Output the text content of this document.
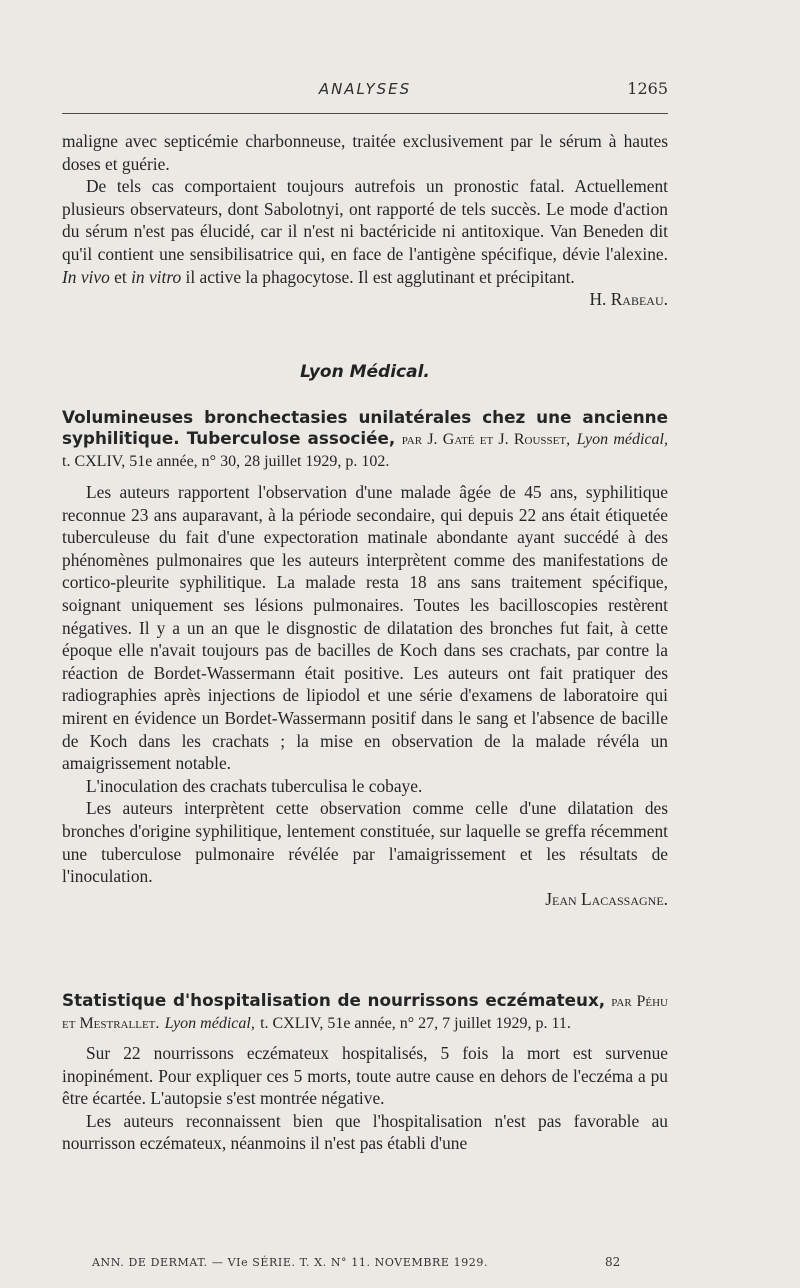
ANALYSES	1265

maligne avec septicémie charbonneuse, traitée exclusivement par le sérum à hautes doses et guérie.

De tels cas comportaient toujours autrefois un pronostic fatal. Actuellement plusieurs observateurs, dont Sabolotnyi, ont rapporté de tels succès. Le mode d'action du sérum n'est pas élucidé, car il n'est ni bactéricide ni antitoxique. Van Beneden dit qu'il contient une sensibilisatrice qui, en face de l'antigène spécifique, dévie l'alexine. In vivo et in vitro il active la phagocytose. Il est agglutinant et précipitant.
H. Rabeau.

Lyon Médical.
Volumineuses bronchectasies unilatérales chez une ancienne syphilitique. Tuberculose associée, par J. Gaté et J. Rousset, Lyon médical, t. CXLIV, 51e année, n° 30, 28 juillet 1929, p. 102.

Les auteurs rapportent l'observation d'une malade âgée de 45 ans, syphilitique reconnue 23 ans auparavant, à la période secondaire, qui depuis 22 ans était étiquetée tuberculeuse du fait d'une expectoration matinale abondante ayant succédé à des phénomènes pulmonaires que les auteurs interprètent comme des manifestations de cortico-pleurite syphilitique. La malade resta 18 ans sans traitement spécifique, soignant uniquement ses lésions pulmonaires. Toutes les bacilloscopies restèrent négatives. Il y a un an que le disgnostic de dilatation des bronches fut fait, à cette époque elle n'avait toujours pas de bacilles de Koch dans ses crachats, par contre la réaction de Bordet-Wassermann était positive. Les auteurs ont fait pratiquer des radiographies après injections de lipiodol et une série d'examens de laboratoire qui mirent en évidence un Bordet-Wassermann positif dans le sang et l'absence de bacille de Koch dans les crachats ; la mise en observation de la malade révéla un amaigrissement notable.

L'inoculation des crachats tuberculisa le cobaye.

Les auteurs interprètent cette observation comme celle d'une dilatation des bronches d'origine syphilitique, lentement constituée, sur laquelle se greffa récemment une tuberculose pulmonaire révélée par l'amaigrissement et les résultats de l'inoculation.

Jean Lacassagne.

Statistique d'hospitalisation de nourrissons eczémateux, par Péhu et Mestrallet. Lyon médical, t. CXLIV, 51e année, n° 27, 7 juillet 1929, p. 11.

Sur 22 nourrissons eczémateux hospitalisés, 5 fois la mort est survenue inopinément. Pour expliquer ces 5 morts, toute autre cause en dehors de l'eczéma a pu être écartée. L'autopsie s'est montrée négative.

Les auteurs reconnaissent bien que l'hospitalisation n'est pas favorable au nourrisson eczémateux, néanmoins il n'est pas établi d'une

ANN. DE DERMAT. — VIe SÉRIE. T. X. N° 11. NOVEMBRE 1929.	82
